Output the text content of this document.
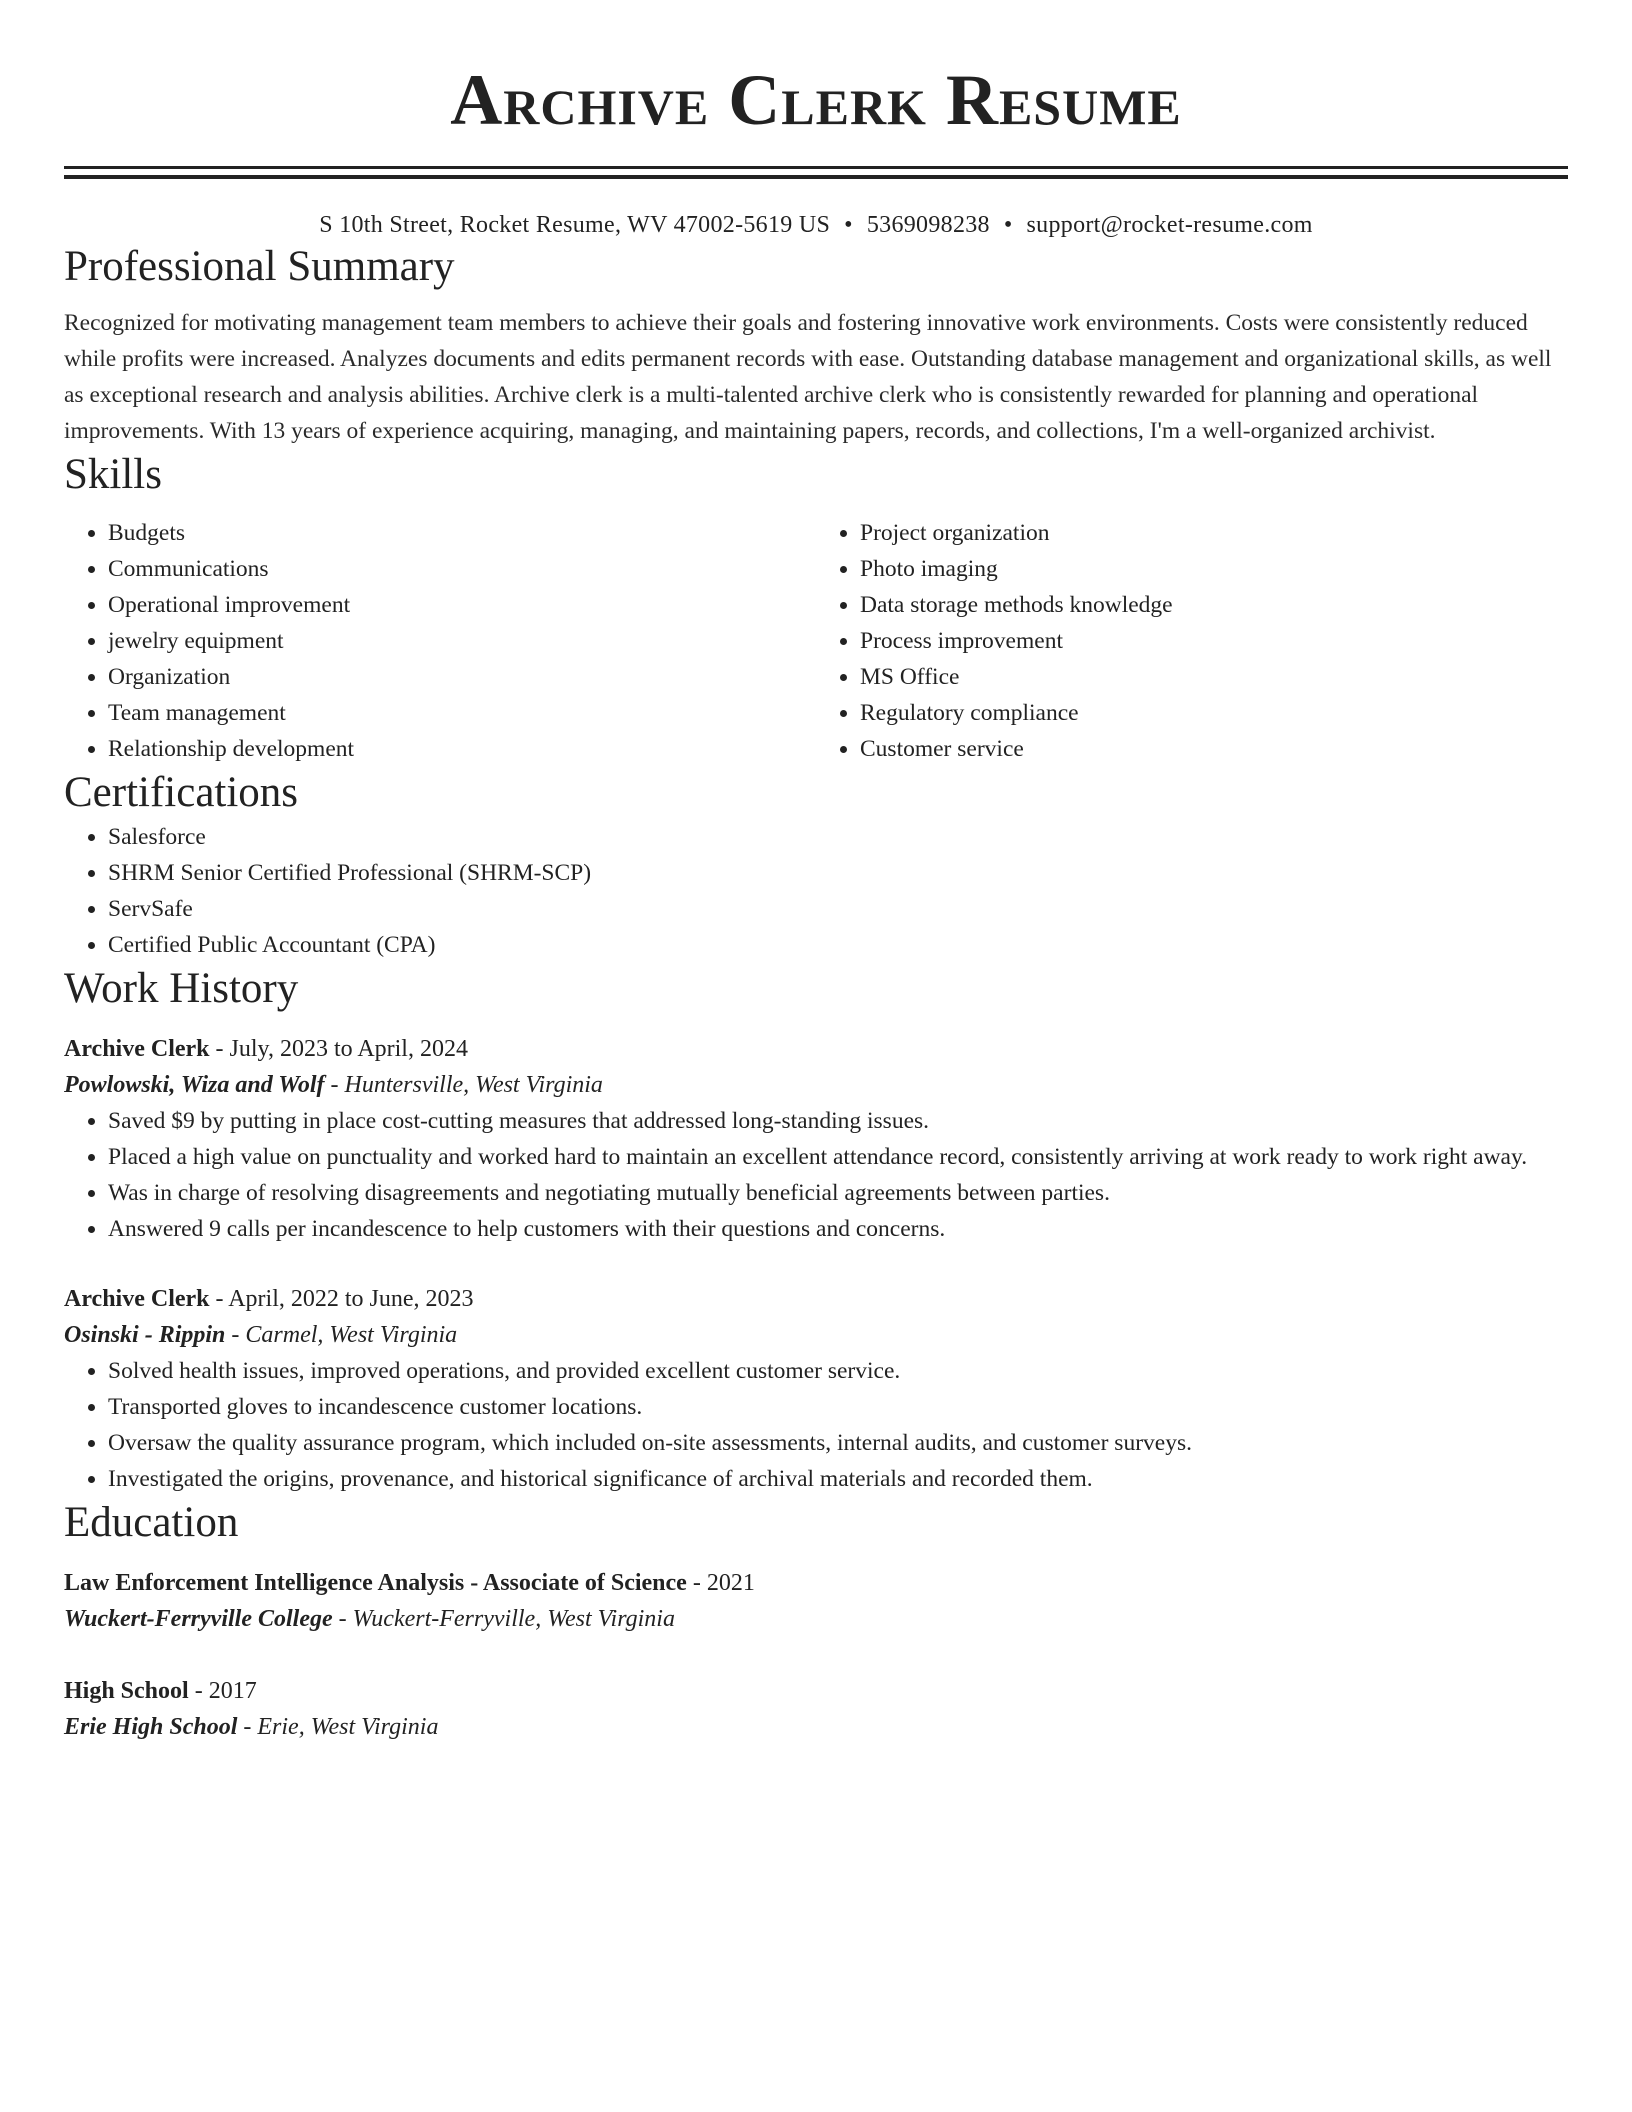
Archive Clerk Resume
S 10th Street, Rocket Resume, WV 47002-5619 US • 5369098238 • support@rocket-resume.com
Professional Summary

Recognized for motivating management team members to achieve their goals and fostering innovative work environments. Costs were consistently reduced while profits were increased. Analyzes documents and edits permanent records with ease. Outstanding database management and organizational skills, as well as exceptional research and analysis abilities. Archive clerk is a multi-talented archive clerk who is consistently rewarded for planning and operational improvements. With 13 years of experience acquiring, managing, and maintaining papers, records, and collections, I'm a well-organized archivist.

Skills
• Budgets
• Communications
• Operational improvement
• jewelry equipment
• Organization
• Team management
• Relationship development
• Project organization
• Photo imaging
• Data storage methods knowledge
• Process improvement
• MS Office
• Regulatory compliance
• Customer service
Certifications
• Salesforce
• SHRM Senior Certified Professional (SHRM-SCP)
• ServSafe
• Certified Public Accountant (CPA)
Work History
Archive Clerk - July, 2023 to April, 2024
Powlowski, Wiza and Wolf - Huntersville, West Virginia
• Saved $9 by putting in place cost-cutting measures that addressed long-standing issues.
• Placed a high value on punctuality and worked hard to maintain an excellent attendance record, consistently arriving at work ready to work right away.
• Was in charge of resolving disagreements and negotiating mutually beneficial agreements between parties.
• Answered 9 calls per incandescence to help customers with their questions and concerns.
Archive Clerk - April, 2022 to June, 2023
Osinski - Rippin - Carmel, West Virginia
• Solved health issues, improved operations, and provided excellent customer service.
• Transported gloves to incandescence customer locations.
• Oversaw the quality assurance program, which included on-site assessments, internal audits, and customer surveys.
• Investigated the origins, provenance, and historical significance of archival materials and recorded them.
Education
Law Enforcement Intelligence Analysis - Associate of Science - 2021
Wuckert-Ferryville College - Wuckert-Ferryville, West Virginia
High School - 2017
Erie High School - Erie, West Virginia
